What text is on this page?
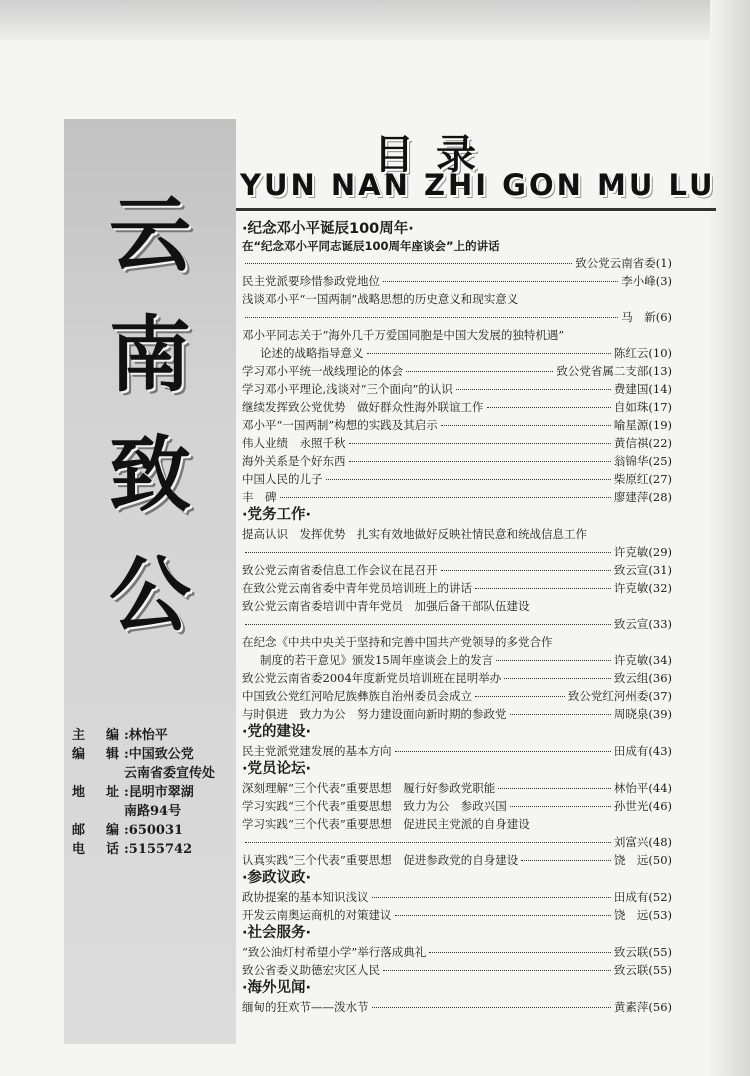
云
南
致
公
主　编 :林怡平
编　辑 :中国致公党
云南省委宣传处
地　址 :昆明市翠湖
南路94号
邮　编 :650031
电　话 :5155742
目录
YUN NAN ZHI GON MU LU
·纪念邓小平诞辰100周年·
在“纪念邓小平同志诞辰100周年座谈会”上的讲话
致公党云南省委(1)
民主党派要珍惜参政党地位	李小峰(3)
浅谈邓小平“一国两制”战略思想的历史意义和现实意义
马　新(6)
邓小平同志关于“海外几千万爱国同胞是中国大发展的独特机遇”
论述的战略指导意义	陈红云(10)
学习邓小平统一战线理论的体会	致公党省属二支部(13)
学习邓小平理论,浅谈对“三个面向”的认识	费建国(14)
继续发挥致公党优势　做好群众性海外联谊工作	自如珠(17)
邓小平“一国两制”构想的实践及其启示	喻星源(19)
伟人业绩　永照千秋	黄信祺(22)
海外关系是个好东西	翁锦华(25)
中国人民的儿子	柴原红(27)
丰　碑	廖建萍(28)
·党务工作·
提高认识　发挥优势　扎实有效地做好反映社情民意和统战信息工作
许克敏(29)
致公党云南省委信息工作会议在昆召开	致云宣(31)
在致公党云南省委中青年党员培训班上的讲话	许克敏(32)
致公党云南省委培训中青年党员　加强后备干部队伍建设
致云宣(33)
在纪念《中共中央关于坚持和完善中国共产党领导的多党合作
制度的若干意见》颁发15周年座谈会上的发言	许克敏(34)
致公党云南省委2004年度新党员培训班在昆明举办	致云组(36)
中国致公党红河哈尼族彝族自治州委员会成立	致公党红河州委(37)
与时俱进　致力为公　努力建设面向新时期的参政党	周晓泉(39)
·党的建设·
民主党派党建发展的基本方向	田成有(43)
·党员论坛·
深刻理解“三个代表”重要思想　履行好参政党职能	林怡平(44)
学习实践“三个代表”重要思想　致力为公　参政兴国	孙世光(46)
学习实践“三个代表”重要思想　促进民主党派的自身建设
刘富兴(48)
认真实践“三个代表”重要思想　促进参政党的自身建设	饶　远(50)
·参政议政·
政协提案的基本知识浅议	田成有(52)
开发云南奥运商机的对策建议	饶　远(53)
·社会服务·
“致公油灯村希望小学”举行落成典礼	致云联(55)
致公省委义助德宏灾区人民	致云联(55)
·海外见闻·
缅甸的狂欢节——泼水节	黄素萍(56)
